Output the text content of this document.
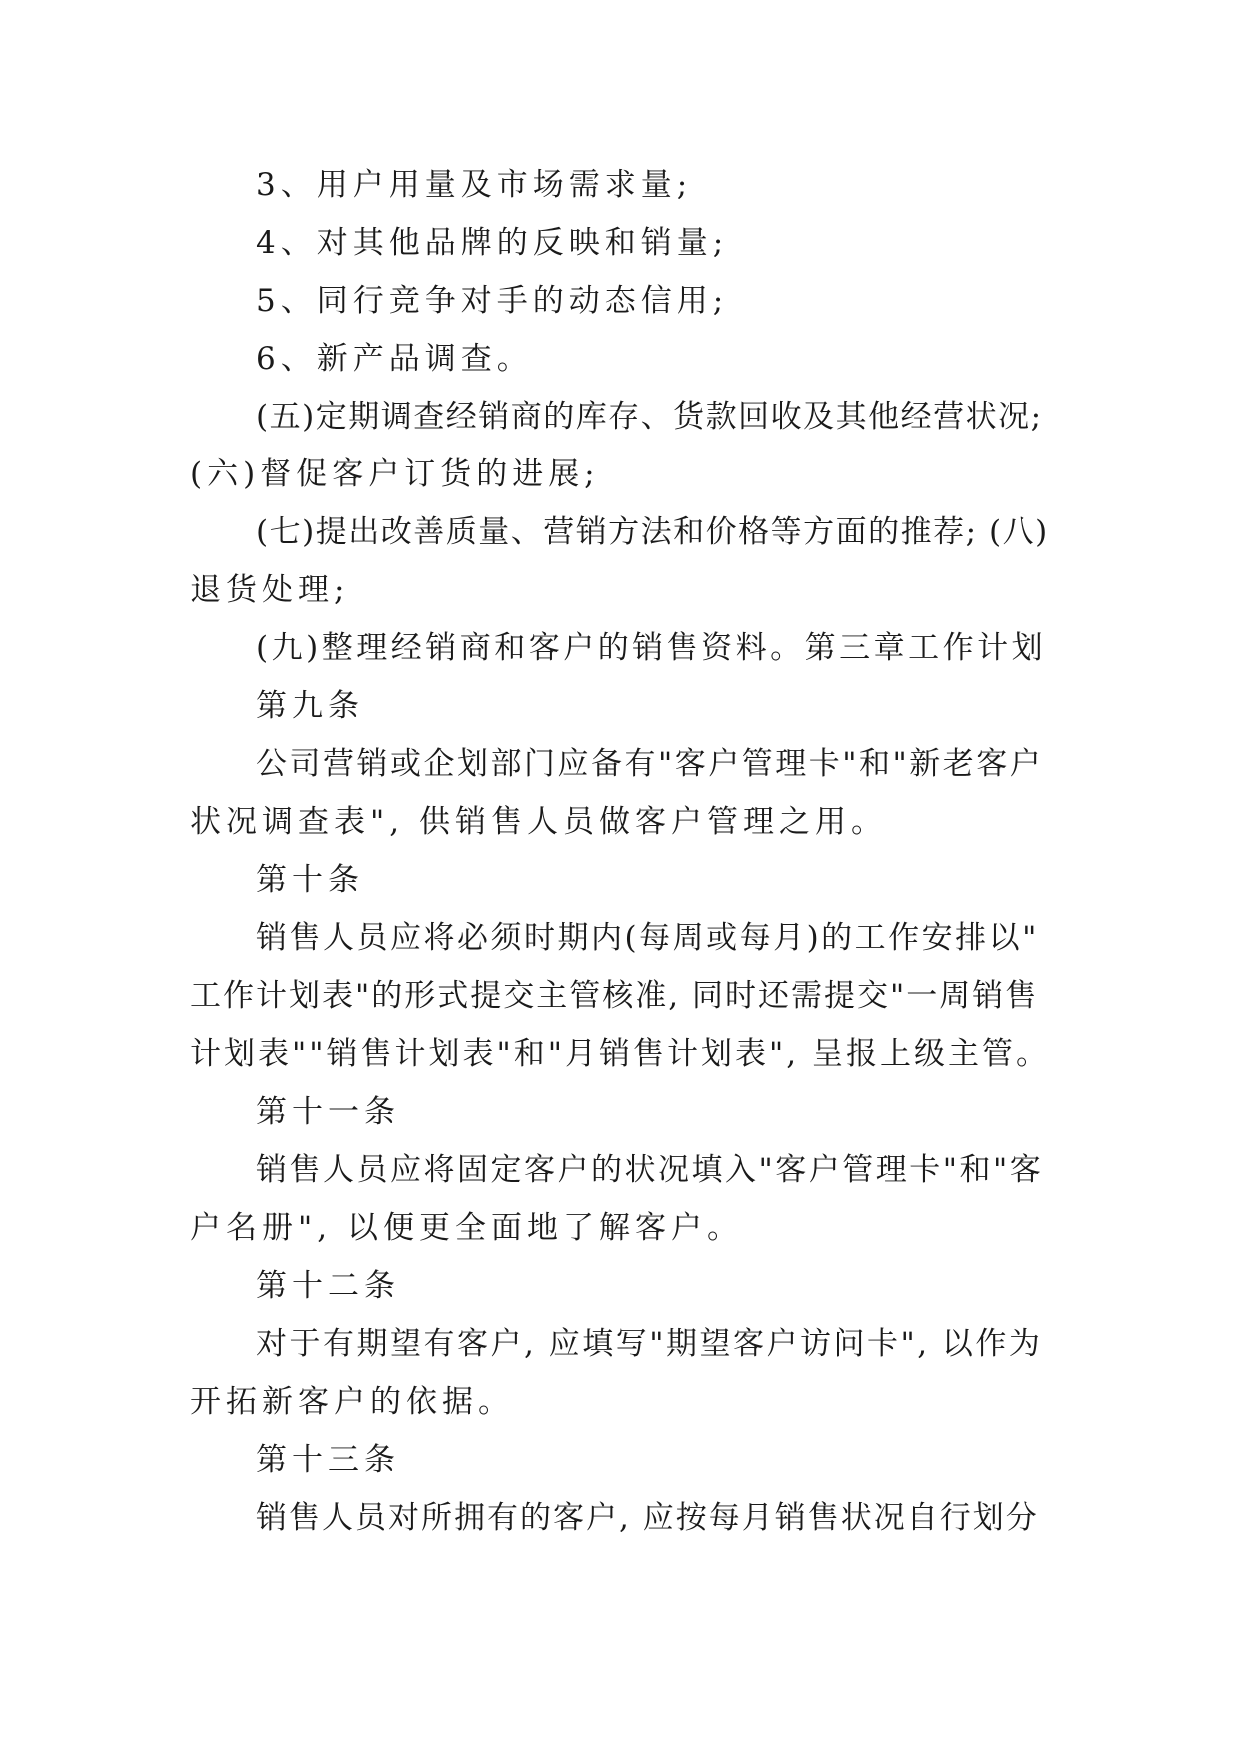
3、用户用量及市场需求量;
4、对其他品牌的反映和销量;
5、同行竞争对手的动态信用;
6、新产品调查。
(五)定期调查经销商的库存、货款回收及其他经营状况;
(六)督促客户订货的进展;
(七)提出改善质量、营销方法和价格等方面的推荐; (八)
退货处理;
(九)整理经销商和客户的销售资料。第三章工作计划
第九条
公司营销或企划部门应备有"客户管理卡"和"新老客户
状况调查表", 供销售人员做客户管理之用。
第十条
销售人员应将必须时期内(每周或每月)的工作安排以"
工作计划表"的形式提交主管核准, 同时还需提交"一周销售
计划表""销售计划表"和"月销售计划表", 呈报上级主管。
第十一条
销售人员应将固定客户的状况填入"客户管理卡"和"客
户名册", 以便更全面地了解客户。
第十二条
对于有期望有客户, 应填写"期望客户访问卡", 以作为
开拓新客户的依据。
第十三条
销售人员对所拥有的客户, 应按每月销售状况自行划分
